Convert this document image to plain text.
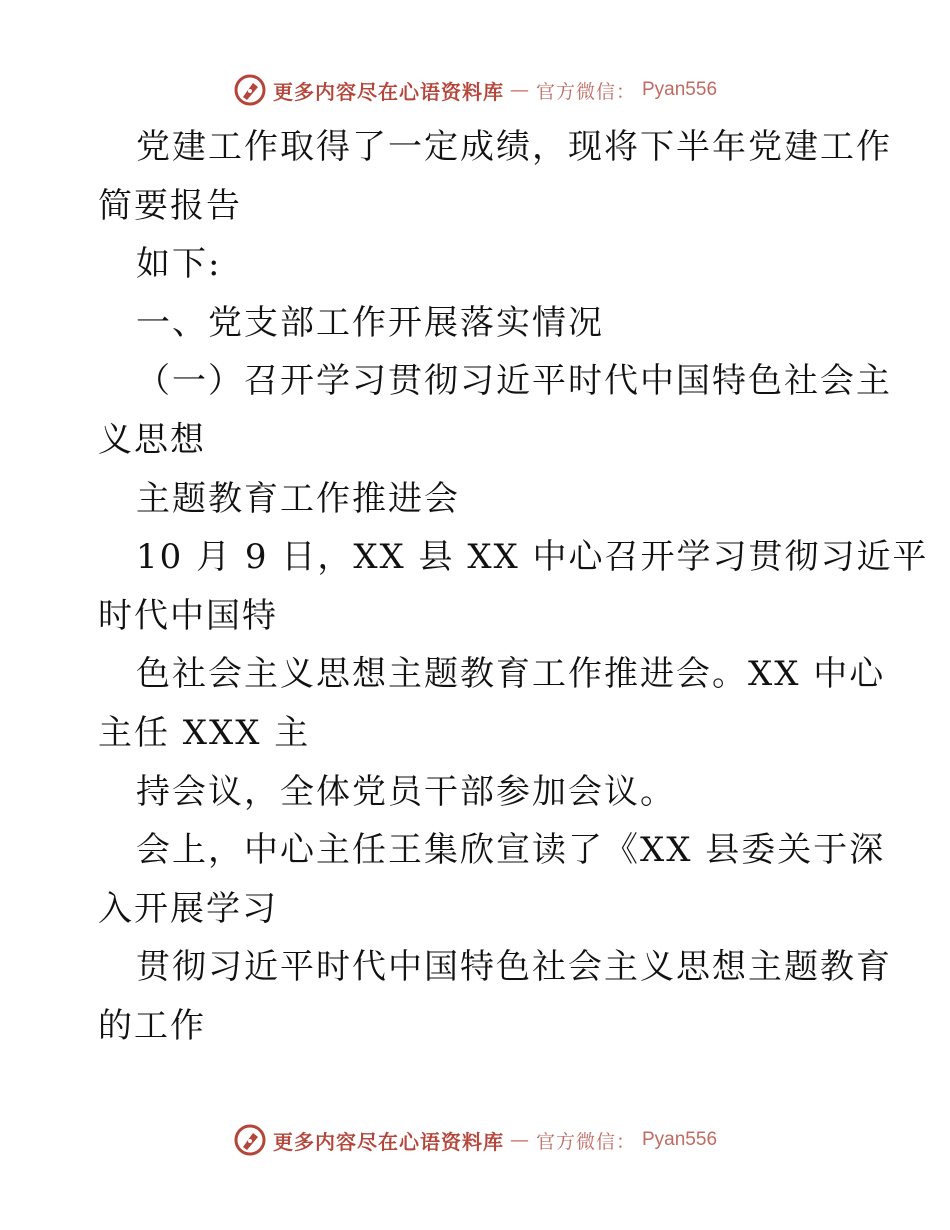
更多内容尽在心语资料库 — 官方微信： Pyan556
党建工作取得了一定成绩，现将下半年党建工作
简要报告
如下:
一、党支部工作开展落实情况
（一）召开学习贯彻习近平时代中国特色社会主
义思想
主题教育工作推进会
10 月 9 日，XX 县 XX 中心召开学习贯彻习近平
时代中国特
色社会主义思想主题教育工作推进会。XX 中心
主任 XXX 主
持会议，全体党员干部参加会议。
会上，中心主任王集欣宣读了《XX 县委关于深
入开展学习
贯彻习近平时代中国特色社会主义思想主题教育
的工作
更多内容尽在心语资料库 — 官方微信： Pyan556
